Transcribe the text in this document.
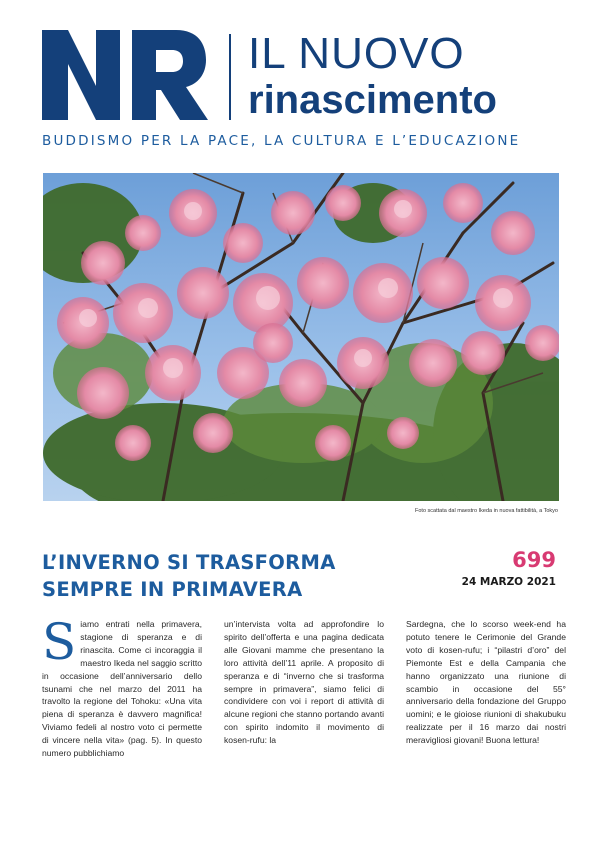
IL NUOVO
rinascimento
BUDDISMO PER LA PACE, LA CULTURA E L’EDUCAZIONE
Foto scattata dal maestro Ikeda in nuova fattibilità, a Tokyo
L’INVERNO SI TRASFORMA
SEMPRE IN PRIMAVERA
699
24 MARZO 2021
S iamo entrati nella primavera, stagione di speranza e di rinascita. Come ci incoraggia il maestro Ikeda nel saggio scritto in occasione dell’anniversario dello tsunami che nel marzo del 2011 ha travolto la regione del Tohoku: «Una vita piena di speranza è davvero magnifica! Viviamo fedeli al nostro voto ci permette di vincere nella vita» (pag. 5). In questo numero pubblichiamo

un’intervista volta ad approfondire lo spirito dell’offerta e una pagina dedicata alle Giovani mamme che presentano la loro attività dell’11 aprile. A proposito di speranza e di “inverno che si trasforma sempre in primavera”, siamo felici di condividere con voi i report di attività di alcune regioni che stanno portando avanti con spirito indomito il movimento di kosen-rufu: la

Sardegna, che lo scorso week-end ha potuto tenere le Cerimonie del Grande voto di kosen-rufu; i “pilastri d’oro” del Piemonte Est e della Campania che hanno organizzato una riunione di scambio in occasione del 55° anniversario della fondazione del Gruppo uomini; e le gioiose riunioni di shakubuku realizzate per il 16 marzo dai nostri meravigliosi giovani! Buona lettura!
